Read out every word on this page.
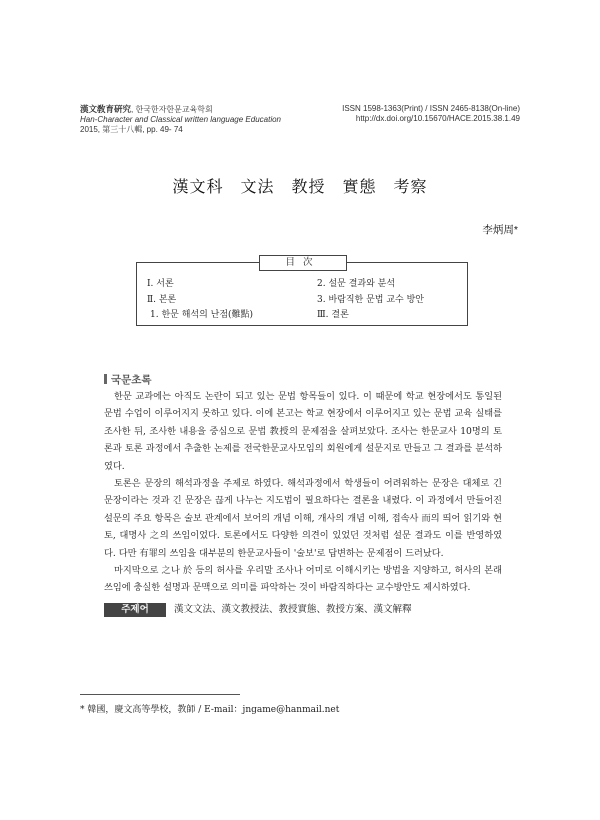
漢文敎育硏究, 한국한자한문교육학회
Han-Character and Classical written language Education
2015, 第三十八輯, pp. 49- 74
ISSN 1598-1363(Print) / ISSN 2465-8138(On-line)
http://dx.doi.org/10.15670/HACE.2015.38.1.49
漢文科　文法　教授　實態　考察
李炳周*
目次
Ⅰ. 서론
Ⅱ. 본론
1. 한문 해석의 난점(難點)
2. 설문 결과와 분석
3. 바람직한 문법 교수 방안
Ⅲ. 결론
국문초록

한문 교과에는 아직도 논란이 되고 있는 문법 항목들이 있다. 이 때문에 학교 현장에서도 통일된 문법 수업이 이루어지지 못하고 있다. 이에 본고는 학교 현장에서 이루어지고 있는 문법 교육 실태를 조사한 뒤, 조사한 내용을 중심으로 문법 教授의 문제점을 살펴보았다. 조사는 한문교사 10명의 토론과 토론 과정에서 추출한 논제를 전국한문교사모임의 회원에게 설문지로 만들고 그 결과를 분석하였다.

토론은 문장의 해석과정을 주제로 하였다. 해석과정에서 학생들이 어려워하는 문장은 대체로 긴 문장이라는 것과 긴 문장은 끊게 나누는 지도법이 필요하다는 결론을 내렸다. 이 과정에서 만들어진 설문의 주요 항목은 술보 관계에서 보어의 개념 이해, 개사의 개념 이해, 접속사 而의 띄어 읽기와 현토, 대명사 之의 쓰임이었다. 토론에서도 다양한 의견이 있었던 것처럼 설문 결과도 이를 반영하였다. 다만 有罪의 쓰임을 대부분의 한문교사들이 '술보'로 답변하는 문제점이 드러났다.

마지막으로 之나 於 등의 허사를 우리말 조사나 어미로 이해시키는 방법을 지양하고, 허사의 본래 쓰임에 충실한 설명과 문맥으로 의미를 파악하는 것이 바람직하다는 교수방안도 제시하였다.

주제어	漢文文法、漢文教授法、教授實態、教授方案、漢文解釋
* 韓國，慶文高等學校，教師 / E-mail：jngame@hanmail.net
